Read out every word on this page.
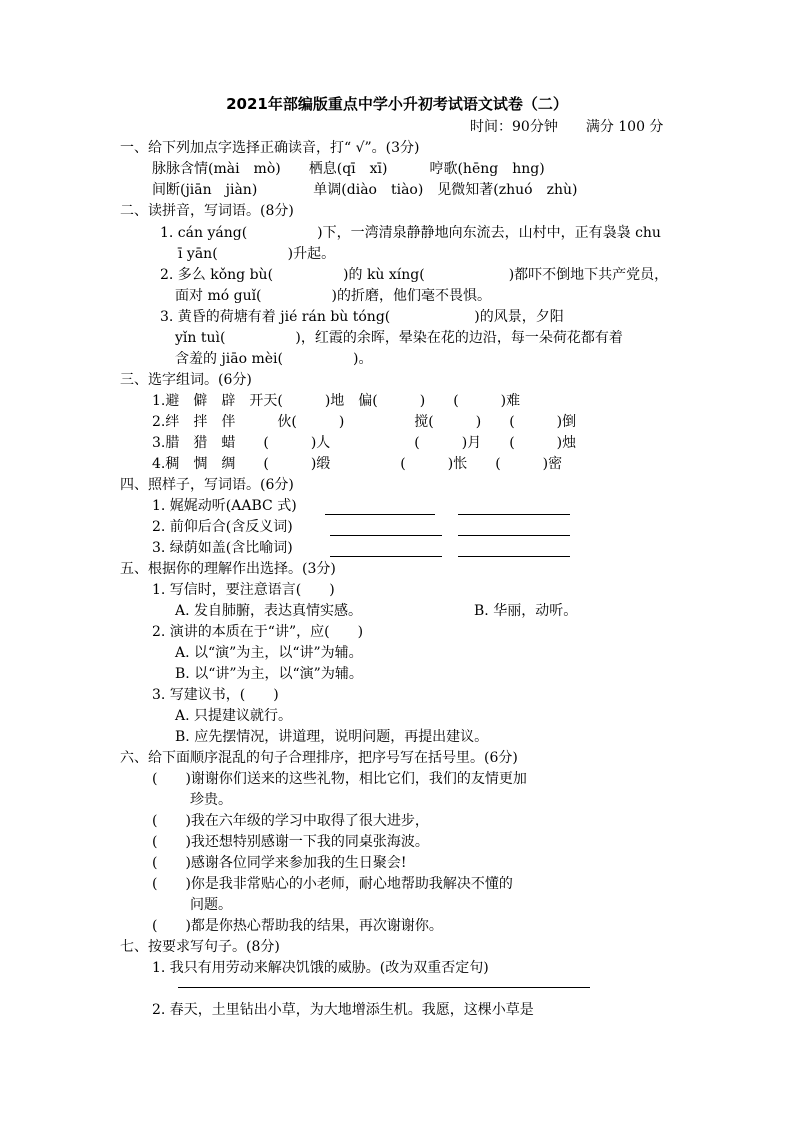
2021年部编版重点中学小升初考试语文试卷（二）
时间：90分钟　　满分 100 分
一、给下列加点字选择正确读音，打“ √”。(3分)
脉脉含情(mài　mò)　　栖息(qī　xī)　　　哼歌(hēng　hng)
间断(jiān　jiàn)　　　　单调(diào　tiào)　见微知著(zhuó　zhù)
二、读拼音，写词语。(8分)
1. cán yáng(　　　　　)下，一湾清泉静静地向东流去，山村中，正有袅袅 chu
ī yān(　　　　　)升起。
2. 多么 kǒng bù(　　　　　)的 kù xíng(　　　　　　)都吓不倒地下共产党员，
面对 mó guǐ(　　　　　)的折磨，他们毫不畏惧。
3. 黄昏的荷塘有着 jié rán bù tóng(　　　　　　)的风景，夕阳
yǐn tuì(　　　　　)，红霞的余晖，晕染在花的边沿，每一朵荷花都有着
含羞的 jiāo mèi(　　　　　)。
三、选字组词。(6分)
1.避　僻　辟　开天(　　　)地　偏(　　　)　　(　　　)难
2.绊　拌　伴　　　伙(　　　)　　　　　搅(　　　)　　(　　　)倒
3.腊　猎　蜡　　(　　　)人　　　　　　(　　　)月　　(　　　)烛
4.稠　惆　绸　　(　　　)缎　　　　　(　　　)怅　　(　　　)密
四、照样子，写词语。(6分)
1. 娓娓动听(AABC 式)
2. 前仰后合(含反义词)
3. 绿荫如盖(含比喻词)
五、根据你的理解作出选择。(3分)
1. 写信时，要注意语言(　　)
A. 发自肺腑，表达真情实感。	B. 华丽，动听。
2. 演讲的本质在于“讲”，应(　　)
A. 以“演”为主，以“讲”为辅。
B. 以“讲”为主，以“演”为辅。
3. 写建议书，(　　)
A. 只提建议就行。
B. 应先摆情况，讲道理，说明问题，再提出建议。
六、给下面顺序混乱的句子合理排序，把序号写在括号里。(6分)
(　　)谢谢你们送来的这些礼物，相比它们，我们的友情更加
珍贵。
(　　)我在六年级的学习中取得了很大进步，
(　　)我还想特别感谢一下我的同桌张海波。
(　　)感谢各位同学来参加我的生日聚会!
(　　)你是我非常贴心的小老师，耐心地帮助我解决不懂的
问题。
(　　)都是你热心帮助我的结果，再次谢谢你。
七、按要求写句子。(8分)
1. 我只有用劳动来解决饥饿的威胁。(改为双重否定句)
2. 春天，土里钻出小草，为大地增添生机。我愿，这棵小草是
